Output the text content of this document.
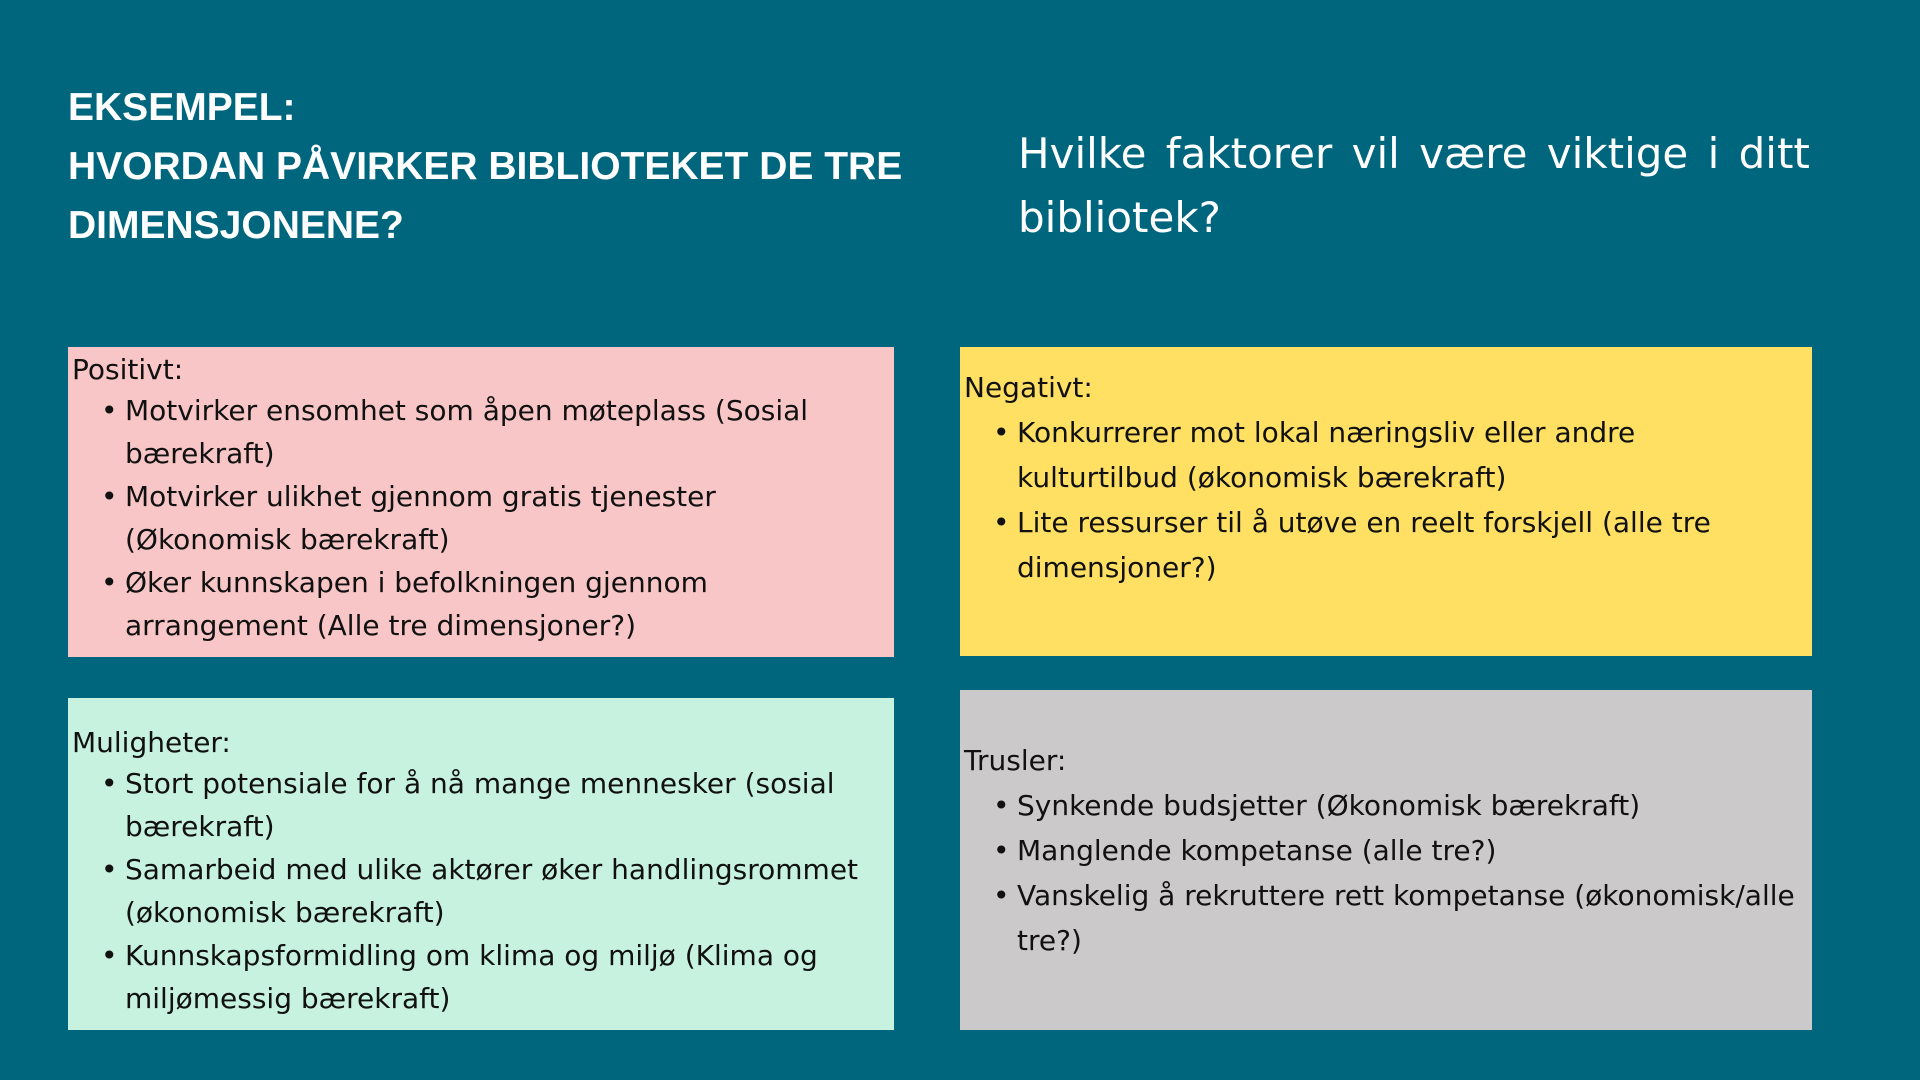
EKSEMPEL:
HVORDAN PÅVIRKER BIBLIOTEKET DE TRE
DIMENSJONENE?
Hvilke faktorer vil være viktige i ditt bibliotek?
Positivt:
• Motvirker ensomhet som åpen møteplass (Sosial bærekraft)
• Motvirker ulikhet gjennom gratis tjenester (Økonomisk bærekraft)
• Øker kunnskapen i befolkningen gjennom arrangement (Alle tre dimensjoner?)
Negativt:
• Konkurrerer mot lokal næringsliv eller andre kulturtilbud (økonomisk bærekraft)
• Lite ressurser til å utøve en reelt forskjell (alle tre dimensjoner?)
Muligheter:
• Stort potensiale for å nå mange mennesker (sosial bærekraft)
• Samarbeid med ulike aktører øker handlingsrommet (økonomisk bærekraft)
• Kunnskapsformidling om klima og miljø (Klima og miljømessig bærekraft)
Trusler:
• Synkende budsjetter (Økonomisk bærekraft)
• Manglende kompetanse (alle tre?)
• Vanskelig å rekruttere rett kompetanse (økonomisk/alle tre?)
